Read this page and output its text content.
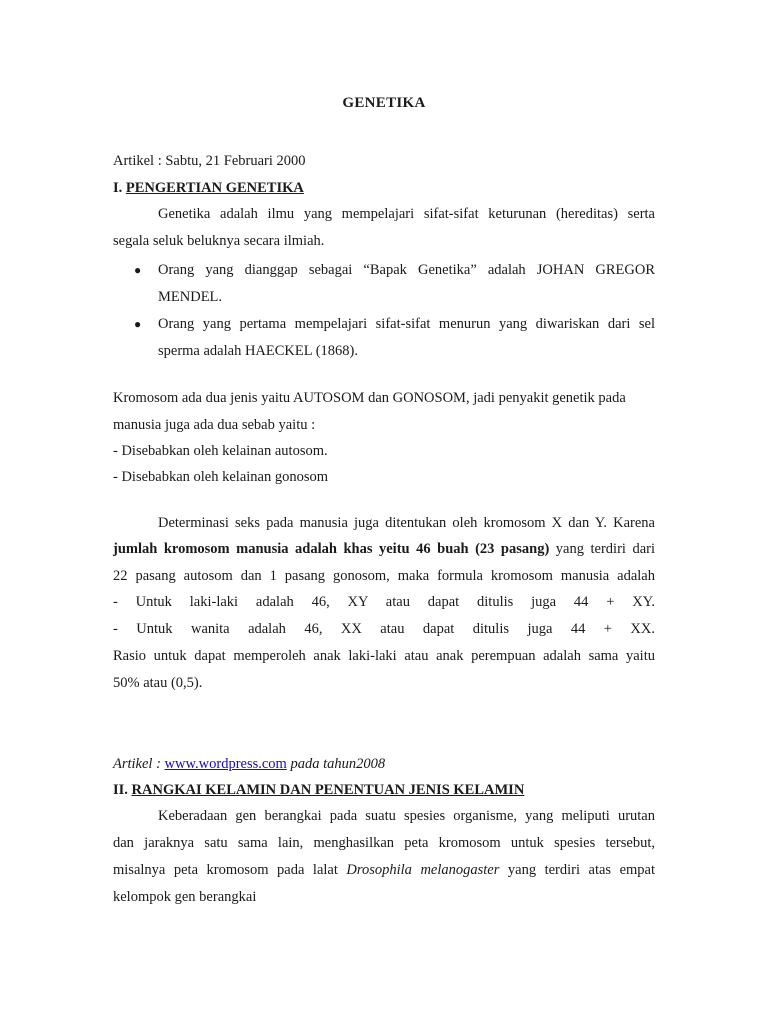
GENETIKA
Artikel : Sabtu, 21 Februari 2000
I. PENGERTIAN GENETIKA
Genetika adalah ilmu yang mempelajari sifat-sifat keturunan (hereditas) serta
segala seluk beluknya secara ilmiah.
● Orang yang dianggap sebagai “Bapak Genetika” adalah JOHAN GREGOR
MENDEL.
● Orang yang pertama mempelajari sifat-sifat menurun yang diwariskan dari sel
sperma adalah HAECKEL (1868).
Kromosom ada dua jenis yaitu AUTOSOM dan GONOSOM, jadi penyakit genetik pada
manusia juga ada dua sebab yaitu :
- Disebabkan oleh kelainan autosom.
- Disebabkan oleh kelainan gonosom
Determinasi seks pada manusia juga ditentukan oleh kromosom X dan Y. Karena
jumlah kromosom manusia adalah khas yeitu 46 buah (23 pasang) yang terdiri dari
22 pasang autosom dan 1 pasang gonosom, maka formula kromosom manusia adalah
- Untuk laki-laki adalah 46, XY atau dapat ditulis juga 44 + XY.
- Untuk wanita adalah 46, XX atau dapat ditulis juga 44 + XX.
Rasio untuk dapat memperoleh anak laki-laki atau anak perempuan adalah sama yaitu
50% atau (0,5).
Artikel : www.wordpress.com pada tahun2008
II. RANGKAI KELAMIN DAN PENENTUAN JENIS KELAMIN
Keberadaan gen berangkai pada suatu spesies organisme, yang meliputi urutan
dan jaraknya satu sama lain, menghasilkan peta kromosom untuk spesies tersebut,
misalnya peta kromosom pada lalat Drosophila melanogaster yang terdiri atas empat
kelompok gen berangkai
